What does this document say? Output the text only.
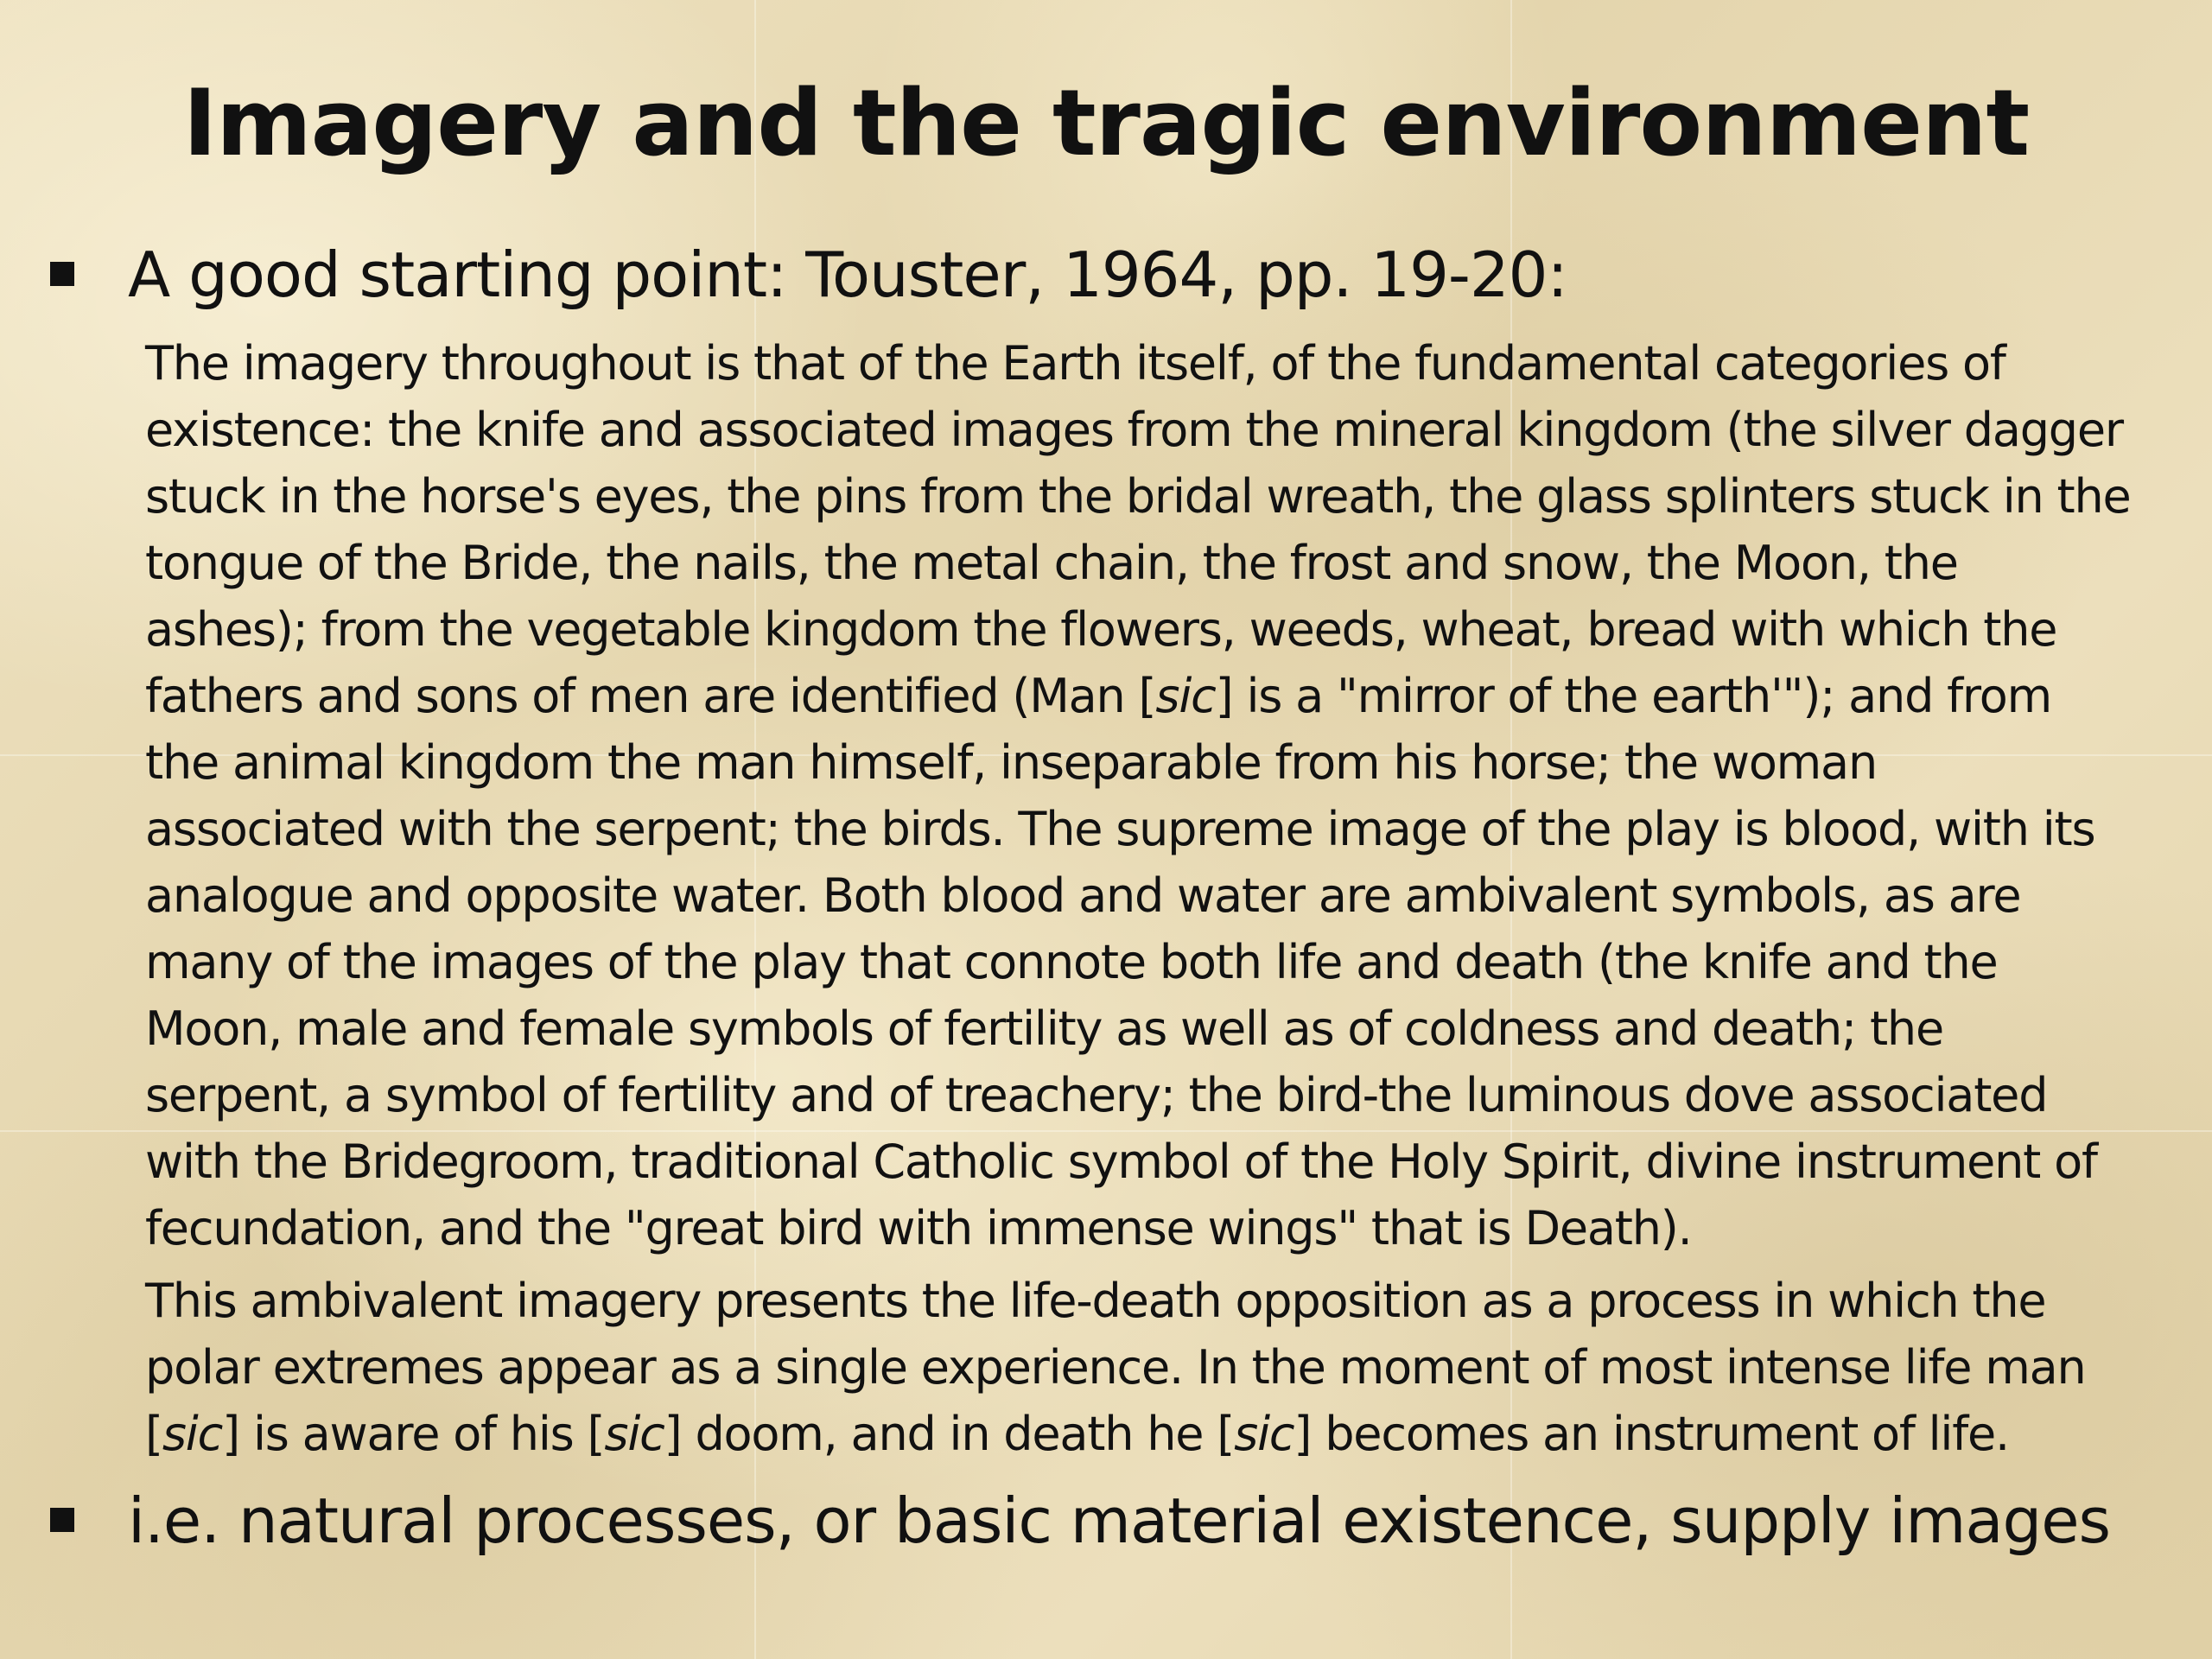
Imagery and the tragic environment
A good starting point: Touster, 1964, pp. 19-20:
The imagery throughout is that of the Earth itself, of the fundamental categories of
existence: the knife and associated images from the mineral kingdom (the silver dagger
stuck in the horse's eyes, the pins from the bridal wreath, the glass splinters stuck in the
tongue of the Bride, the nails, the metal chain, the frost and snow, the Moon, the
ashes); from the vegetable kingdom the flowers, weeds, wheat, bread with which the
fathers and sons of men are identified (Man [sic] is a "mirror of the earth'"); and from
the animal kingdom the man himself, inseparable from his horse; the woman
associated with the serpent; the birds. The supreme image of the play is blood, with its
analogue and opposite water. Both blood and water are ambivalent symbols, as are
many of the images of the play that connote both life and death (the knife and the
Moon, male and female symbols of fertility as well as of coldness and death; the
serpent, a symbol of fertility and of treachery; the bird-the luminous dove associated
with the Bridegroom, traditional Catholic symbol of the Holy Spirit, divine instrument of
fecundation, and the "great bird with immense wings" that is Death).
This ambivalent imagery presents the life-death opposition as a process in which the
polar extremes appear as a single experience. In the moment of most intense life man
[sic] is aware of his [sic] doom, and in death he [sic] becomes an instrument of life.
i.e. natural processes, or basic material existence, supply images
